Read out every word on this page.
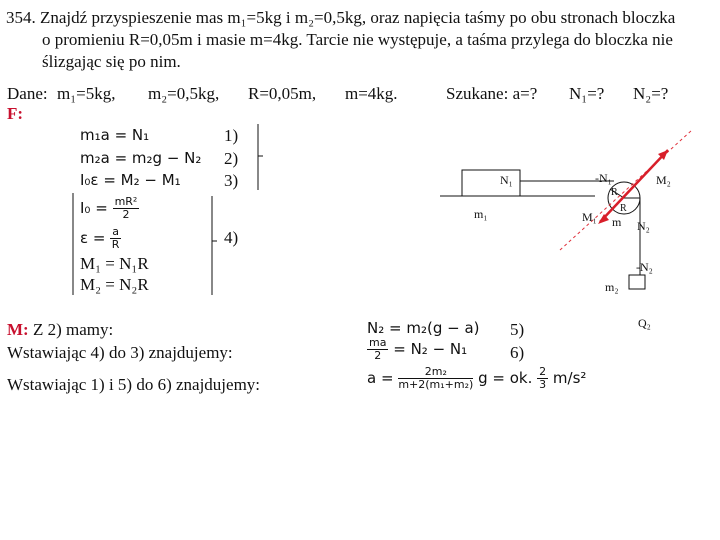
354. Znajdź przyspieszenie mas m₁=5kg i m₂=0,5kg, oraz napięcia taśmy po obu stronach bloczka
o promieniu R=0,05m i masie m=4kg. Tarcie nie występuje, a taśma przylega do bloczka nie
ślizgając się po nim.
Dane: m₁=5kg, m₂=0,5kg, R=0,05m, m=4kg.	Szukane: a=? N₁=? N₂=?
F:
m₁a = N₁	1)
m₂a = m₂g − N₂ 2)
I₀ε = M₂ − M₁	3)
$I_0 = \frac{\text{mR²}}{2}$
$\varepsilon = \frac{a}{R}$	4)
M₁ = N₁R
M₂ = N₂R
M: Z 2) mamy:
Wstawiając 4) do 3) znajdujemy:
Wstawiając 1) i 5) do 6) znajdujemy:
N₂ = m₂(g − a) 5)
$\frac{ma}{2} = N_2 - N_1$	6)
$a = \frac{\text{2m₂}}{\text{m+2(m₁+m₂)}}$ g = ok. $\frac{2}{3} m/s^2$
N₁
m₁
-N₁
M₁
R
R
m N₂
M₂
-N₂
m₂
Q₂
